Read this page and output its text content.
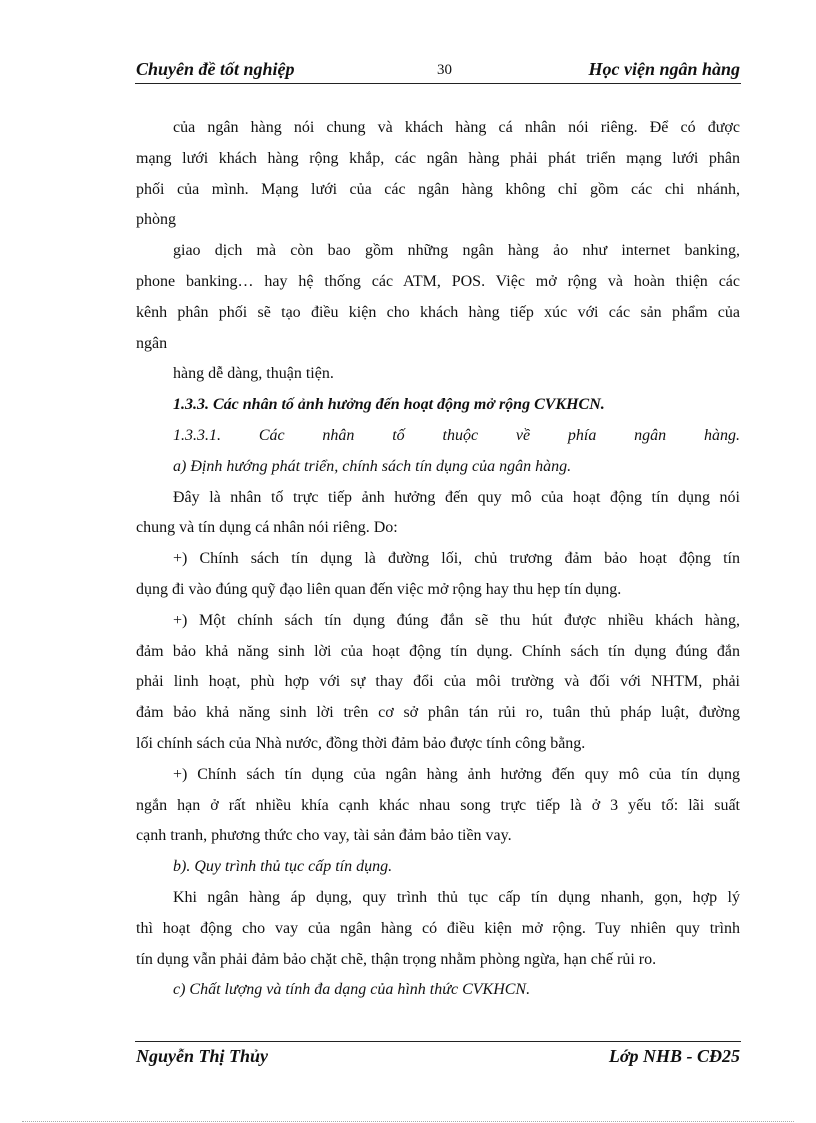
Chuyên đề tốt nghiệp	30	Học viện ngân hàng
của ngân hàng nói chung và khách hàng cá nhân nói riêng. Để có được
mạng lưới khách hàng rộng khắp, các ngân hàng phải phát triển mạng lưới phân
phối của mình. Mạng lưới của các ngân hàng không chỉ gồm các chi nhánh,
phòng
giao dịch mà còn bao gồm những ngân hàng ảo như internet banking,
phone banking… hay hệ thống các ATM, POS. Việc mở rộng và hoàn thiện các
kênh phân phối sẽ tạo điều kiện cho khách hàng tiếp xúc với các sản phẩm của
ngân
hàng dễ dàng, thuận tiện.
1.3.3. Các nhân tố ảnh hưởng đến hoạt động mở rộng CVKHCN.
1.3.3.1. Các nhân tố thuộc về phía ngân hàng.
a) Định hướng phát triển, chính sách tín dụng của ngân hàng.
Đây là nhân tố trực tiếp ảnh hưởng đến quy mô của hoạt động tín dụng nói
chung và tín dụng cá nhân nói riêng. Do:
+) Chính sách tín dụng là đường lối, chủ trương đảm bảo hoạt động tín
dụng đi vào đúng quỹ đạo liên quan đến việc mở rộng hay thu hẹp tín dụng.
+) Một chính sách tín dụng đúng đắn sẽ thu hút được nhiều khách hàng,
đảm bảo khả năng sinh lời của hoạt động tín dụng. Chính sách tín dụng đúng đắn
phải linh hoạt, phù hợp với sự thay đổi của môi trường và đối với NHTM, phải
đảm bảo khả năng sinh lời trên cơ sở phân tán rủi ro, tuân thủ pháp luật, đường
lối chính sách của Nhà nước, đồng thời đảm bảo được tính công bằng.
+) Chính sách tín dụng của ngân hàng ảnh hưởng đến quy mô của tín dụng
ngắn hạn ở rất nhiều khía cạnh khác nhau song trực tiếp là ở 3 yếu tố: lãi suất
cạnh tranh, phương thức cho vay, tài sản đảm bảo tiền vay.
b). Quy trình thủ tục cấp tín dụng.
Khi ngân hàng áp dụng, quy trình thủ tục cấp tín dụng nhanh, gọn, hợp lý
thì hoạt động cho vay của ngân hàng có điều kiện mở rộng. Tuy nhiên quy trình
tín dụng vẫn phải đảm bảo chặt chẽ, thận trọng nhằm phòng ngừa, hạn chế rủi ro.
c) Chất lượng và tính đa dạng của hình thức CVKHCN.
Nguyễn Thị Thủy	Lớp NHB - CĐ25
